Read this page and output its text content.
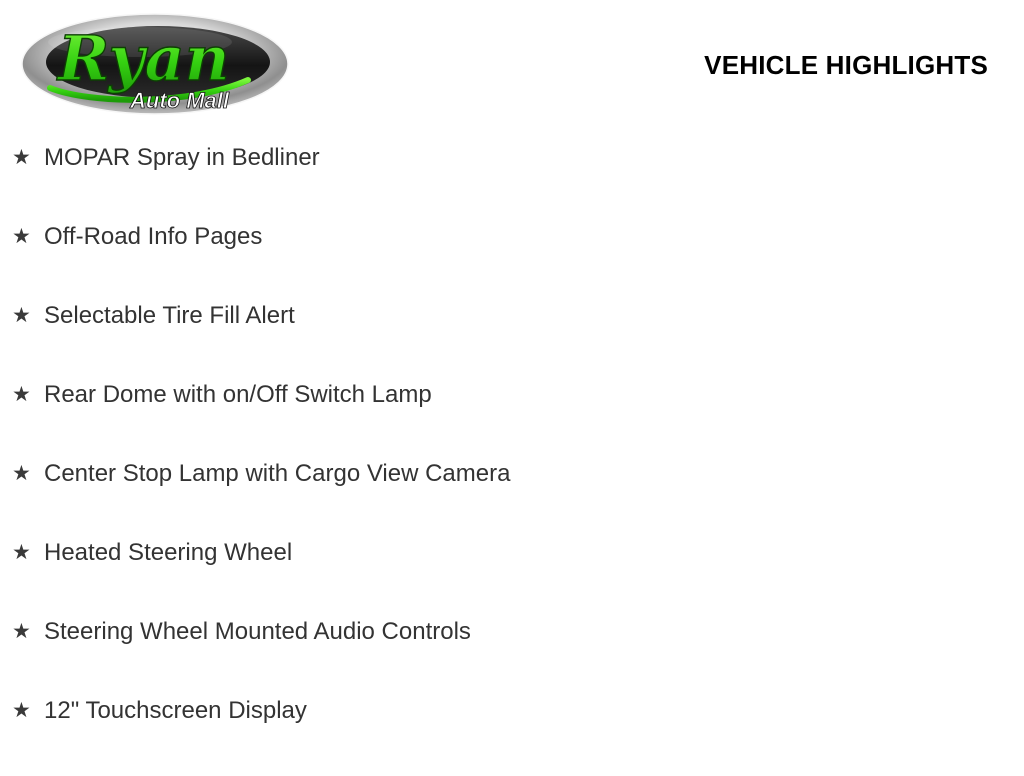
Ryan
Auto Mall
VEHICLE HIGHLIGHTS
★ MOPAR Spray in Bedliner
★ Off-Road Info Pages
★ Selectable Tire Fill Alert
★ Rear Dome with on/Off Switch Lamp
★ Center Stop Lamp with Cargo View Camera
★ Heated Steering Wheel
★ Steering Wheel Mounted Audio Controls
★ 12" Touchscreen Display
